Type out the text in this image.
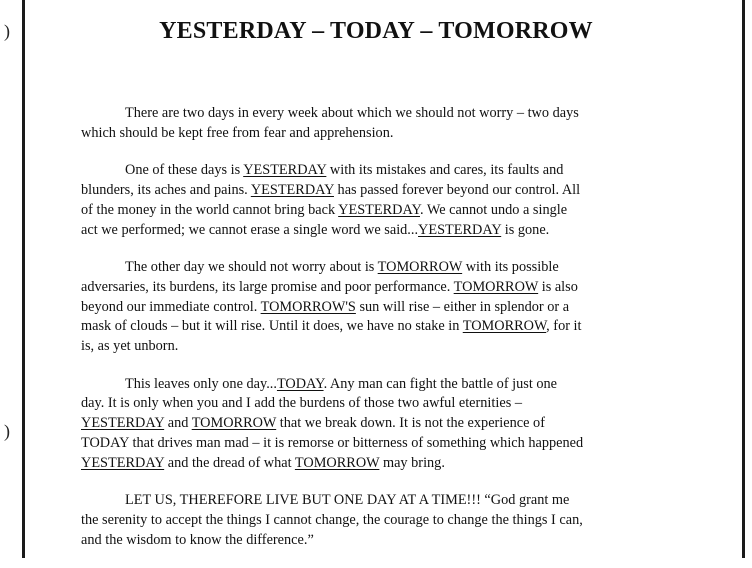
)
)
YESTERDAY – TODAY – TOMORROW

There are two days in every week about which we should not worry – two days
which should be kept free from fear and apprehension.

One of these days is YESTERDAY with its mistakes and cares, its faults and
blunders, its aches and pains. YESTERDAY has passed forever beyond our control. All
of the money in the world cannot bring back YESTERDAY. We cannot undo a single
act we performed; we cannot erase a single word we said...YESTERDAY is gone.

The other day we should not worry about is TOMORROW with its possible
adversaries, its burdens, its large promise and poor performance. TOMORROW is also
beyond our immediate control. TOMORROW'S sun will rise – either in splendor or a
mask of clouds – but it will rise. Until it does, we have no stake in TOMORROW, for it
is, as yet unborn.

This leaves only one day...TODAY. Any man can fight the battle of just one
day. It is only when you and I add the burdens of those two awful eternities –
YESTERDAY and TOMORROW that we break down. It is not the experience of
TODAY that drives man mad – it is remorse or bitterness of something which happened
YESTERDAY and the dread of what TOMORROW may bring.

LET US, THEREFORE LIVE BUT ONE DAY AT A TIME!!! “God grant me
the serenity to accept the things I cannot change, the courage to change the things I can,
and the wisdom to know the difference.”
